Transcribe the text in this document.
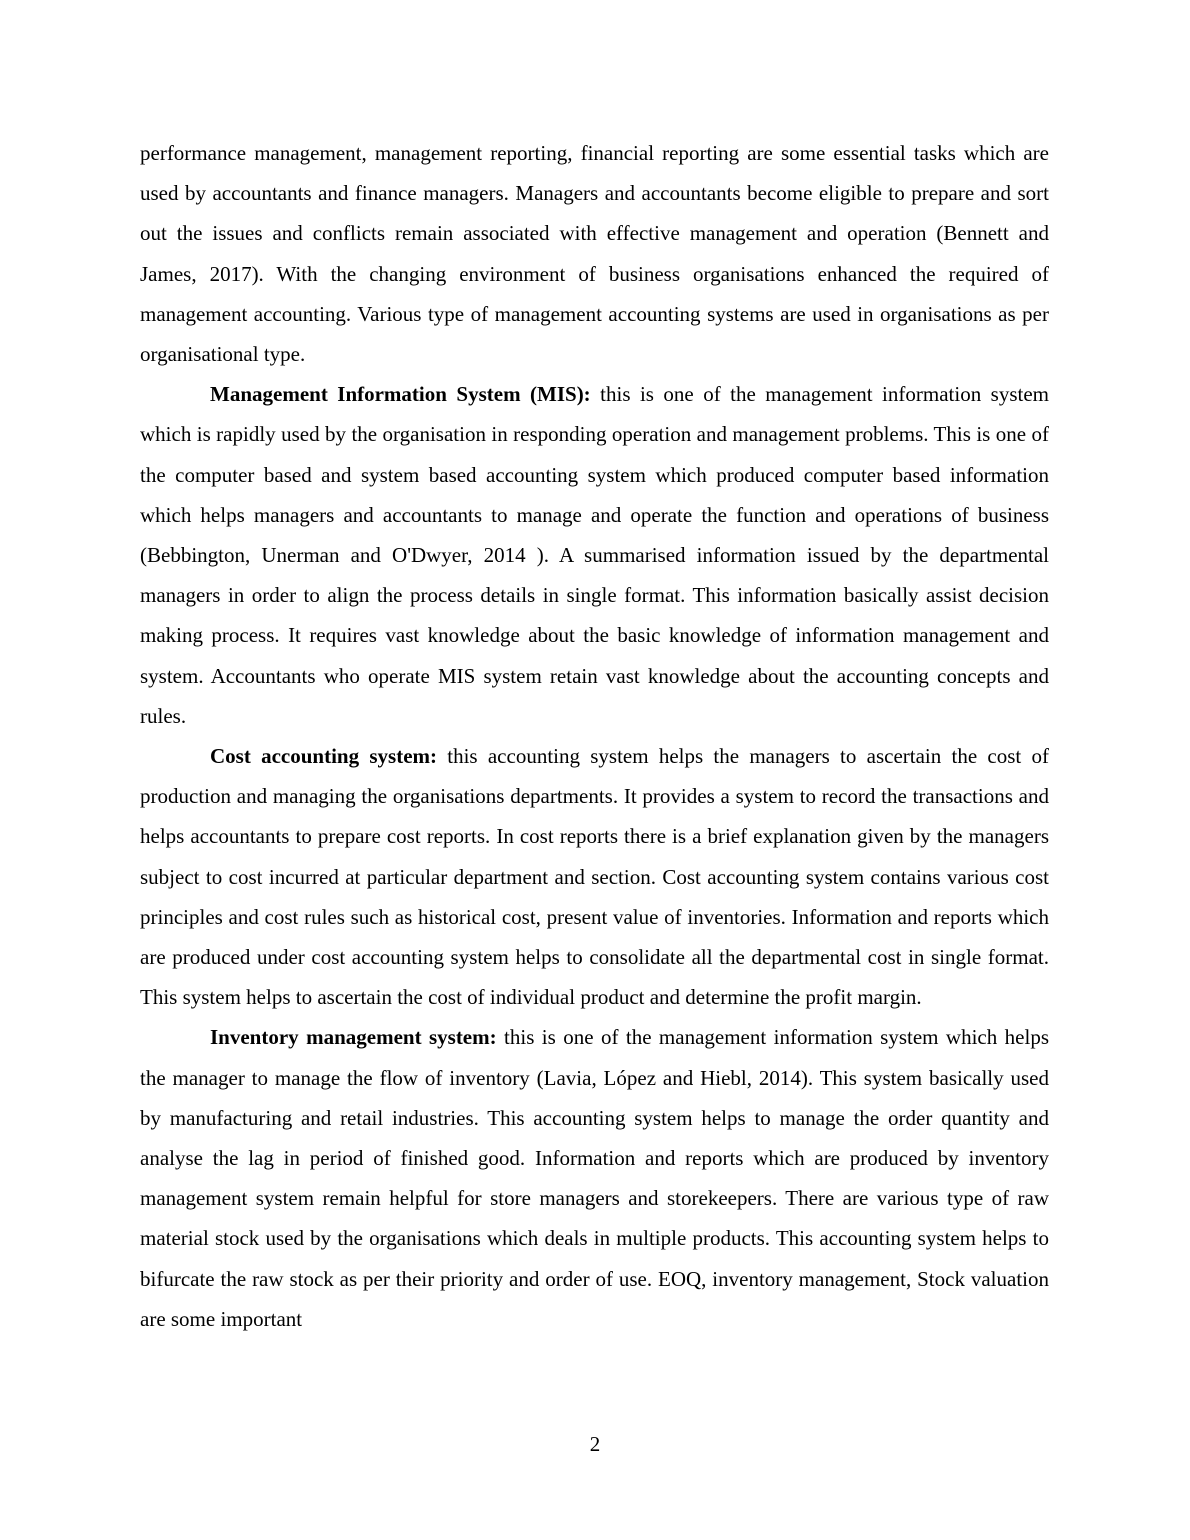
performance management, management reporting, financial reporting are some essential tasks which are used by accountants and finance managers. Managers and accountants become eligible to prepare and sort out the issues and conflicts remain associated with effective management and operation (Bennett and James, 2017). With the changing environment of business organisations enhanced the required of management accounting. Various type of management accounting systems are used in organisations as per organisational type.

Management Information System (MIS): this is one of the management information system which is rapidly used by the organisation in responding operation and management problems. This is one of the computer based and system based accounting system which produced computer based information which helps managers and accountants to manage and operate the function and operations of business (Bebbington, Unerman and O'Dwyer, 2014 ). A summarised information issued by the departmental managers in order to align the process details in single format. This information basically assist decision making process. It requires vast knowledge about the basic knowledge of information management and system. Accountants who operate MIS system retain vast knowledge about the accounting concepts and rules.

Cost accounting system: this accounting system helps the managers to ascertain the cost of production and managing the organisations departments. It provides a system to record the transactions and helps accountants to prepare cost reports. In cost reports there is a brief explanation given by the managers subject to cost incurred at particular department and section. Cost accounting system contains various cost principles and cost rules such as historical cost, present value of inventories. Information and reports which are produced under cost accounting system helps to consolidate all the departmental cost in single format. This system helps to ascertain the cost of individual product and determine the profit margin.

Inventory management system: this is one of the management information system which helps the manager to manage the flow of inventory (Lavia, López and Hiebl, 2014). This system basically used by manufacturing and retail industries. This accounting system helps to manage the order quantity and analyse the lag in period of finished good. Information and reports which are produced by inventory management system remain helpful for store managers and storekeepers. There are various type of raw material stock used by the organisations which deals in multiple products. This accounting system helps to bifurcate the raw stock as per their priority and order of use. EOQ, inventory management, Stock valuation are some important

2
